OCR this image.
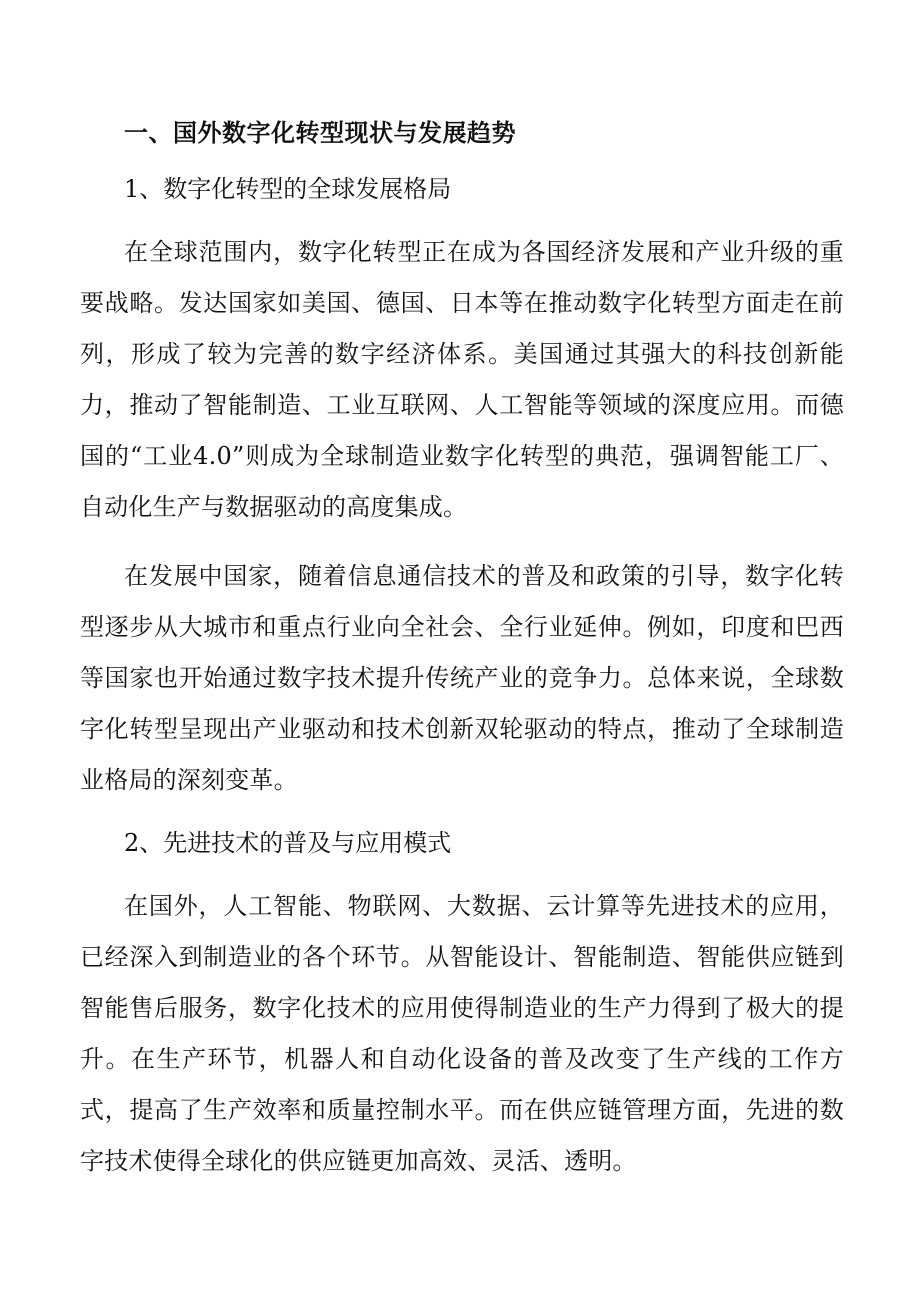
一、国外数字化转型现状与发展趋势
1、数字化转型的全球发展格局

在全球范围内，数字化转型正在成为各国经济发展和产业升级的重要战略。发达国家如美国、德国、日本等在推动数字化转型方面走在前列，形成了较为完善的数字经济体系。美国通过其强大的科技创新能力，推动了智能制造、工业互联网、人工智能等领域的深度应用。而德国的“工业4.0”则成为全球制造业数字化转型的典范，强调智能工厂、自动化生产与数据驱动的高度集成。

在发展中国家，随着信息通信技术的普及和政策的引导，数字化转型逐步从大城市和重点行业向全社会、全行业延伸。例如，印度和巴西等国家也开始通过数字技术提升传统产业的竞争力。总体来说，全球数字化转型呈现出产业驱动和技术创新双轮驱动的特点，推动了全球制造业格局的深刻变革。

2、先进技术的普及与应用模式

在国外，人工智能、物联网、大数据、云计算等先进技术的应用，已经深入到制造业的各个环节。从智能设计、智能制造、智能供应链到智能售后服务，数字化技术的应用使得制造业的生产力得到了极大的提升。在生产环节，机器人和自动化设备的普及改变了生产线的工作方式，提高了生产效率和质量控制水平。而在供应链管理方面，先进的数字技术使得全球化的供应链更加高效、灵活、透明。
